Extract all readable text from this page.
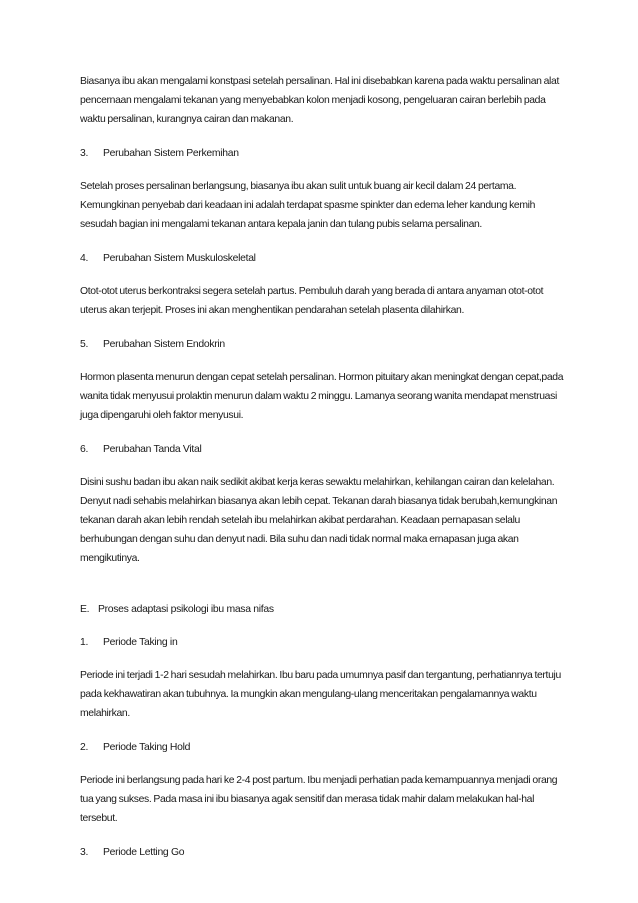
Biasanya ibu akan mengalami konstpasi setelah persalinan. Hal ini disebabkan karena pada waktu persalinan alat pencernaan mengalami tekanan yang menyebabkan kolon menjadi kosong, pengeluaran cairan berlebih pada waktu persalinan, kurangnya cairan dan makanan.

3.	Perubahan Sistem Perkemihan

Setelah proses persalinan berlangsung, biasanya ibu akan sulit untuk buang air kecil dalam 24 pertama. Kemungkinan penyebab dari keadaan ini adalah terdapat spasme spinkter dan edema leher kandung kemih sesudah bagian ini mengalami tekanan antara kepala janin dan tulang pubis selama persalinan.

4.	Perubahan Sistem Muskuloskeletal

Otot-otot uterus berkontraksi segera setelah partus. Pembuluh darah yang berada di antara anyaman otot-otot uterus akan terjepit. Proses ini akan menghentikan pendarahan setelah plasenta dilahirkan.

5.	Perubahan Sistem Endokrin

Hormon plasenta menurun dengan cepat setelah persalinan. Hormon pituitary akan meningkat dengan cepat,pada wanita tidak menyusui prolaktin menurun dalam waktu 2 minggu. Lamanya seorang wanita mendapat menstruasi juga dipengaruhi oleh faktor menyusui.

6.	Perubahan Tanda Vital

Disini sushu badan ibu akan naik sedikit akibat kerja keras sewaktu melahirkan, kehilangan cairan dan kelelahan. Denyut nadi sehabis melahirkan biasanya akan lebih cepat. Tekanan darah biasanya tidak berubah,kemungkinan tekanan darah akan lebih rendah setelah ibu melahirkan akibat perdarahan. Keadaan pernapasan selalu berhubungan dengan suhu dan denyut nadi. Bila suhu dan nadi tidak normal maka ernapasan juga akan mengikutinya.

E. Proses adaptasi psikologi ibu masa nifas
1.	Periode Taking in

Periode ini terjadi 1-2 hari sesudah melahirkan. Ibu baru pada umumnya pasif dan tergantung, perhatiannya tertuju pada kekhawatiran akan tubuhnya. Ia mungkin akan mengulang-ulang menceritakan pengalamannya waktu melahirkan.

2.	Periode Taking Hold

Periode ini berlangsung pada hari ke 2-4 post partum. Ibu menjadi perhatian pada kemampuannya menjadi orang tua yang sukses. Pada masa ini ibu biasanya agak sensitif dan merasa tidak mahir dalam melakukan hal-hal tersebut.

3.	Periode Letting Go
